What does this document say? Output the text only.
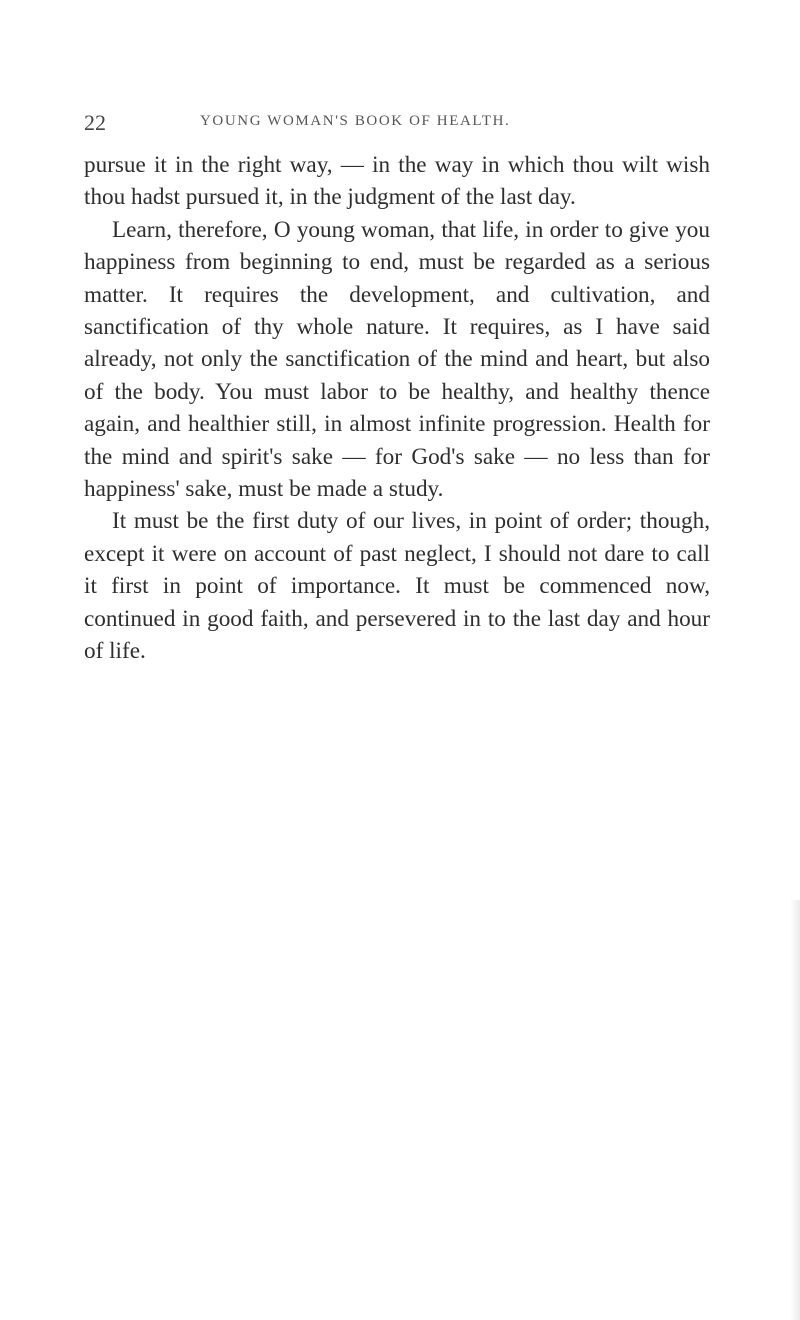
22	YOUNG WOMAN'S BOOK OF HEALTH.

pursue it in the right way, — in the way in which thou wilt wish thou hadst pursued it, in the judgment of the last day.

Learn, therefore, O young woman, that life, in order to give you happiness from beginning to end, must be regarded as a serious matter. It requires the development, and cultivation, and sanctification of thy whole nature. It requires, as I have said already, not only the sanctification of the mind and heart, but also of the body. You must labor to be healthy, and healthy thence again, and healthier still, in almost infinite progression. Health for the mind and spirit's sake — for God's sake — no less than for happiness' sake, must be made a study.

It must be the first duty of our lives, in point of order; though, except it were on account of past neglect, I should not dare to call it first in point of importance. It must be commenced now, continued in good faith, and persevered in to the last day and hour of life.
